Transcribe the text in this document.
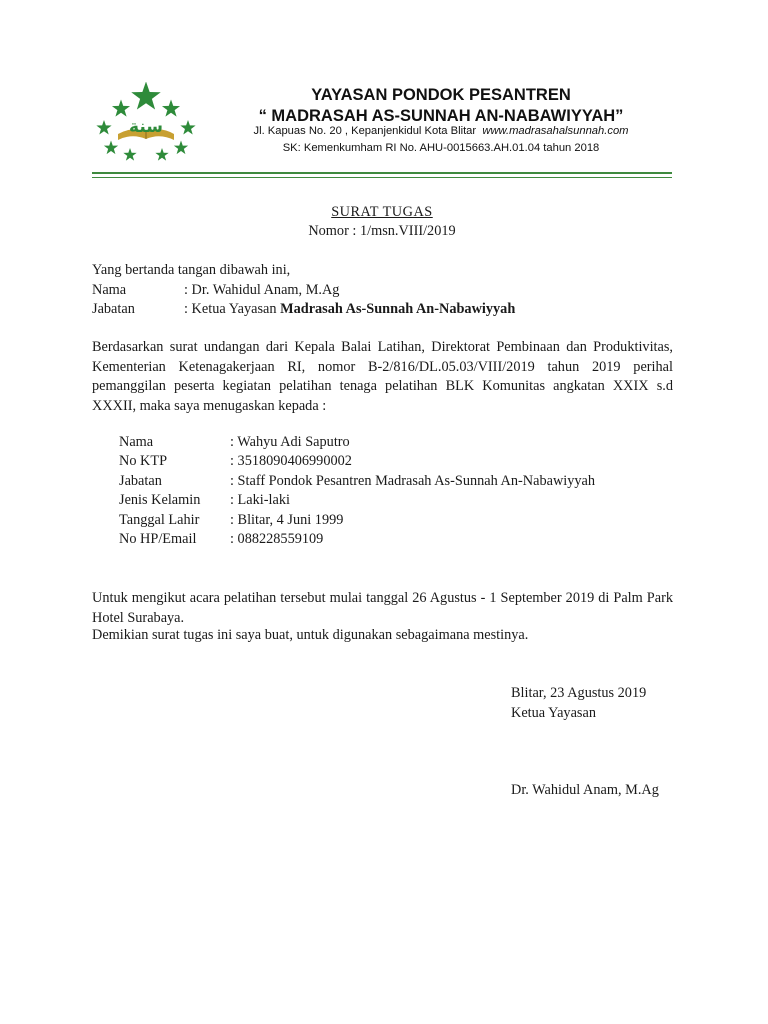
سنة
YAYASAN PONDOK PESANTREN
“ MADRASAH AS-SUNNAH AN-NABAWIYYAH”
Jl. Kapuas No. 20 , Kepanjenkidul Kota Blitar www.madrasahalsunnah.com
SK: Kemenkumham RI No. AHU-0015663.AH.01.04 tahun 2018
SURAT TUGAS
Nomor : 1/msn.VIII/2019
Yang bertanda tangan dibawah ini,
Nama	: Dr. Wahidul Anam, M.Ag
Jabatan	: Ketua Yayasan Madrasah As-Sunnah An-Nabawiyyah
Berdasarkan surat undangan dari Kepala Balai Latihan, Direktorat Pembinaan dan Produktivitas, Kementerian Ketenagakerjaan RI, nomor B-2/816/DL.05.03/VIII/2019 tahun 2019 perihal pemanggilan peserta kegiatan pelatihan tenaga pelatihan BLK Komunitas angkatan XXIX s.d XXXII, maka saya menugaskan kepada :
Nama	: Wahyu Adi Saputro
No KTP	: 3518090406990002
Jabatan	: Staff Pondok Pesantren Madrasah As-Sunnah An-Nabawiyyah
Jenis Kelamin : Laki-laki
Tanggal Lahir : Blitar, 4 Juni 1999
No HP/Email : 088228559109
Untuk mengikut acara pelatihan tersebut mulai tanggal 26 Agustus - 1 September 2019 di Palm Park Hotel Surabaya.
Demikian surat tugas ini saya buat, untuk digunakan sebagaimana mestinya.
Blitar, 23 Agustus 2019
Ketua Yayasan
Dr. Wahidul Anam, M.Ag
